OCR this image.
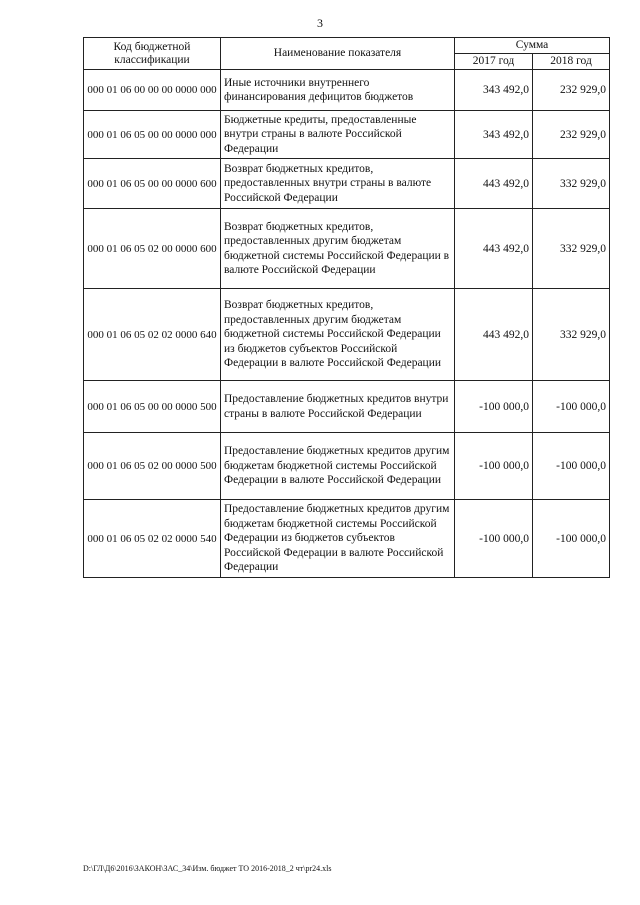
3
Код бюджетной классификации	Наименование показателя	Сумма	
		2017 год	2018 год
000 01 06 00 00 00 0000 000	Иные источники внутреннего финансирования дефицитов бюджетов	343 492,0	232 929,0
000 01 06 05 00 00 0000 000	Бюджетные кредиты, предоставленные внутри страны в валюте Российской Федерации	343 492,0	232 929,0
000 01 06 05 00 00 0000 600	Возврат бюджетных кредитов, предоставленных внутри страны в валюте Российской Федерации	443 492,0	332 929,0
000 01 06 05 02 00 0000 600	Возврат бюджетных кредитов, предоставленных другим бюджетам бюджетной системы Российской Федерации в валюте Российской Федерации	443 492,0	332 929,0
000 01 06 05 02 02 0000 640	Возврат бюджетных кредитов, предоставленных другим бюджетам бюджетной системы Российской Федерации из бюджетов субъектов Российской Федерации в валюте Российской Федерации	443 492,0	332 929,0
000 01 06 05 00 00 0000 500	Предоставление бюджетных кредитов внутри страны в валюте Российской Федерации	-100 000,0	-100 000,0
000 01 06 05 02 00 0000 500	Предоставление бюджетных кредитов другим бюджетам бюджетной системы Российской Федерации в валюте Российской Федерации	-100 000,0	-100 000,0
000 01 06 05 02 02 0000 540	Предоставление бюджетных кредитов другим бюджетам бюджетной системы Российской Федерации из бюджетов субъектов Российской Федерации в валюте Российской Федерации	-100 000,0	-100 000,0
D:\ГЛ\Д6\2016\ЗАКОН\ЗАС_34\Изм. бюджет ТО 2016-2018_2 чт\pr24.xls
